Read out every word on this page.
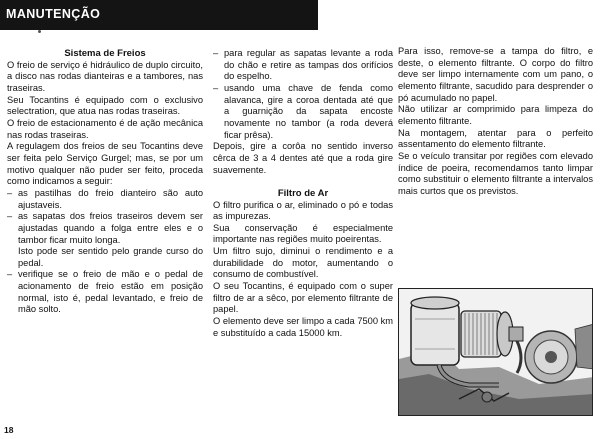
MANUTENÇÃO

Sistema de Freios

O freio de serviço é hidráulico de duplo circuito, a disco nas rodas dianteiras e a tambores, nas traseiras.

Seu Tocantins é equipado com o exclusivo selectration, que atua nas rodas traseiras.

O freio de estacionamento é de ação mecânica nas rodas traseiras.

A regulagem dos freios de seu Tocantins deve ser feita pelo Serviço Gurgel; mas, se por um motivo qualquer não puder ser feito, proceda como indicamos a seguir:

– as pastilhas do freio dianteiro são auto ajustaveis.
– as sapatas dos freios traseiros devem ser ajustadas quando a folga entre eles e o tambor ficar muito longa.

Isto pode ser sentido pelo grande curso do pedal.

– verifique se o freio de mão e o pedal de acionamento de freio estão em posição normal, isto é, pedal levantado, e freio de mão solto.
– para regular as sapatas levante a roda do chão e retire as tampas dos orifícios do espelho.
– usando uma chave de fenda como alavanca, gire a coroa dentada até que a guarnição da sapata encoste novamente no tambor (a roda deverá ficar prêsa).

Depois, gire a corôa no sentido inverso cêrca de 3 a 4 dentes até que a roda gire suavemente.

Filtro de Ar

O filtro purifica o ar, eliminado o pó e todas as impurezas.

Sua conservação é especialmente importante nas regiões muito poeirentas.

Um filtro sujo, diminui o rendimento e a durabilidade do motor, aumentando o consumo de combustível.

O seu Tocantins, é equipado com o super filtro de ar a sêco, por elemento filtrante de papel.

O elemento deve ser limpo a cada 7500 km e substituído a cada 15000 km.

Para isso, remove-se a tampa do filtro, e deste, o elemento filtrante. O corpo do filtro deve ser limpo internamente com um pano, o elemento filtrante, sacudido para desprender o pó acumulado no papel.

Não utilizar ar comprimido para limpeza do elemento filtrante.

Na montagem, atentar para o perfeito assentamento do elemento filtrante.

Se o veículo transitar por regiões com elevado índice de poeira, recomendamos tanto limpar como substituir o elemento filtrante a intervalos mais curtos que os previstos.

18
